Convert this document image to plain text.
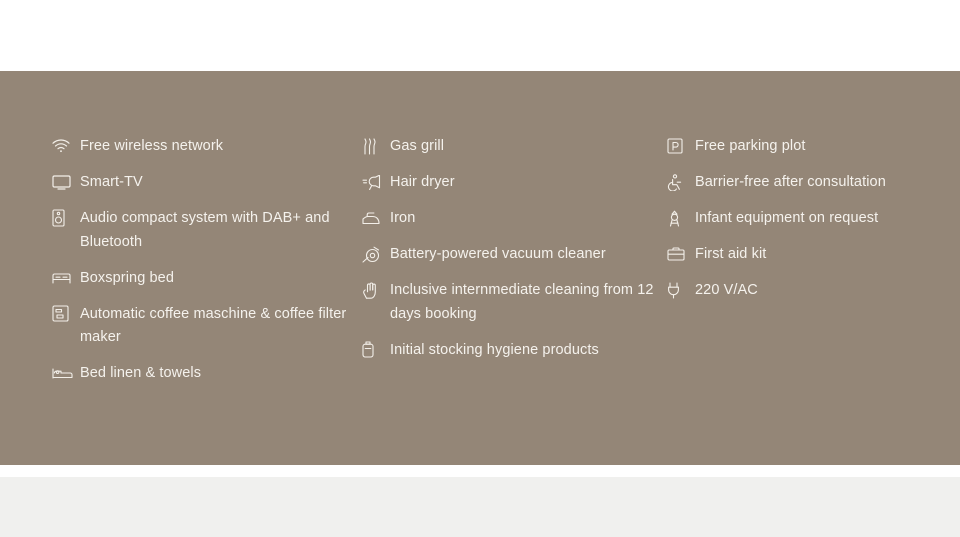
Free wireless network
Smart-TV
Audio compact system with DAB+ and Bluetooth
Boxspring bed
Automatic coffee maschine & coffee filter maker
Bed linen & towels
Gas grill
Hair dryer
Iron
Battery-powered vacuum cleaner
Inclusive internmediate cleaning from 12 days booking
Initial stocking hygiene products
Free parking plot
Barrier-free after consultation
Infant equipment on request
First aid kit
220 V/AC
